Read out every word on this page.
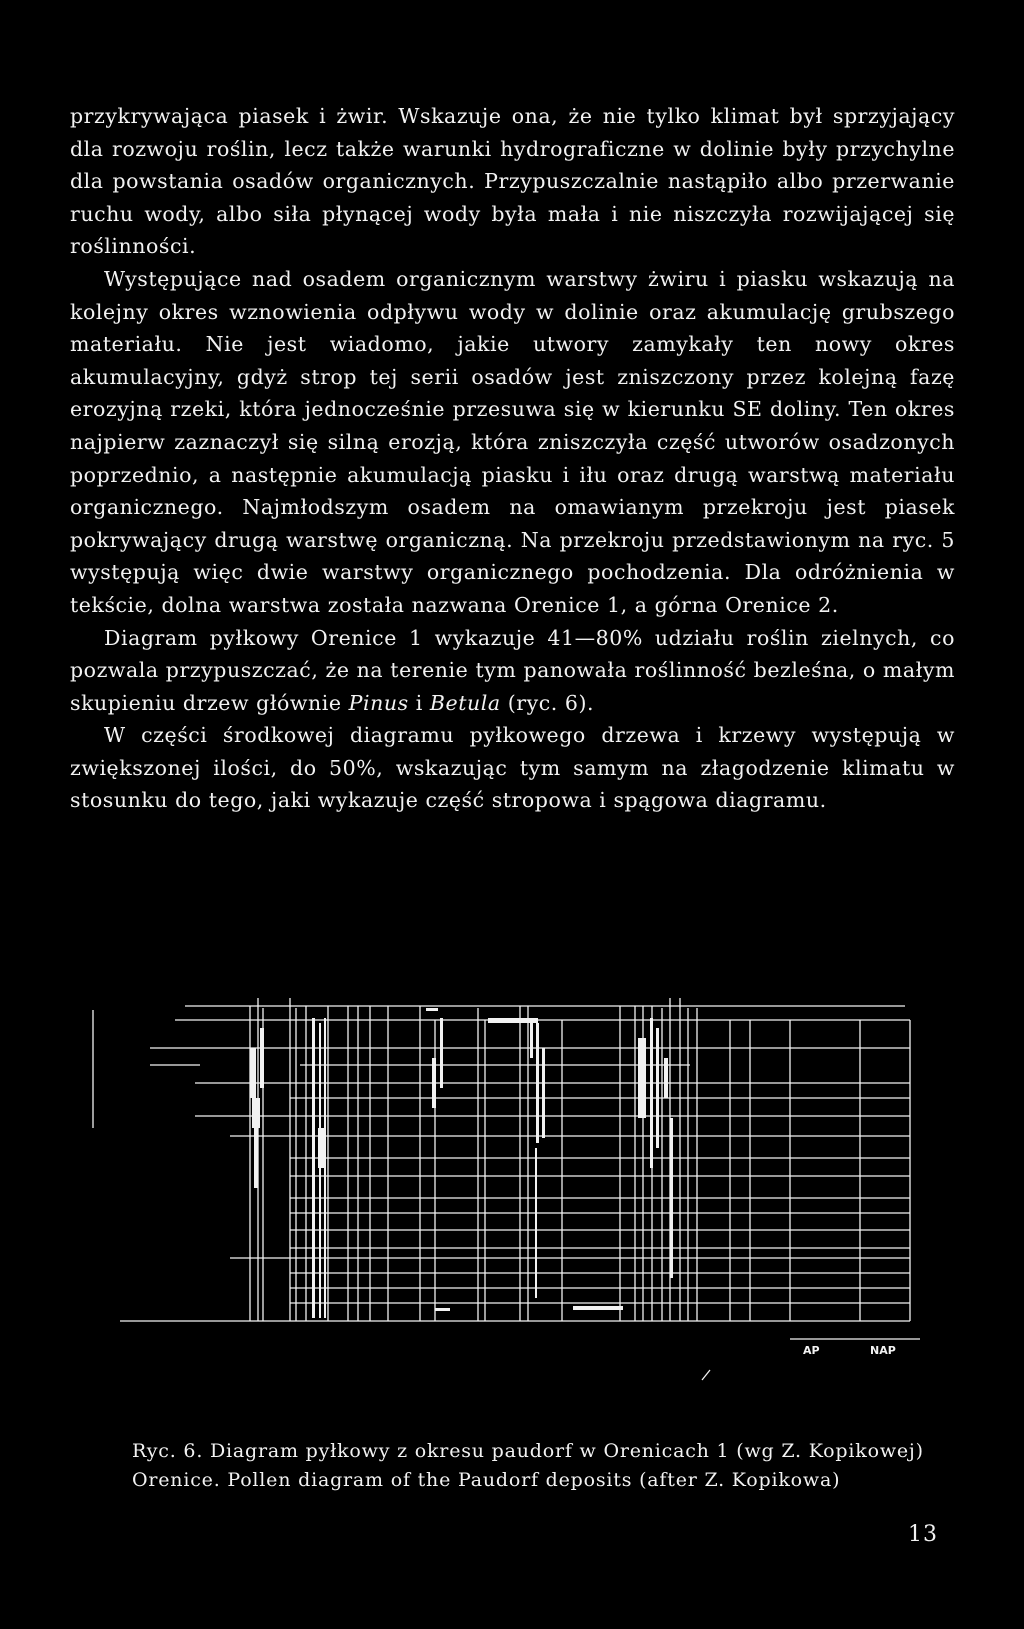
przykrywająca piasek i żwir. Wskazuje ona, że nie tylko klimat był sprzyjający dla rozwoju roślin, lecz także warunki hydrograficzne w dolinie były przychylne dla powstania osadów organicznych. Przypuszczalnie nastąpiło albo przerwanie ruchu wody, albo siła płynącej wody była mała i nie niszczyła rozwijającej się roślinności.

Występujące nad osadem organicznym warstwy żwiru i piasku wskazują na kolejny okres wznowienia odpływu wody w dolinie oraz akumulację grubszego materiału. Nie jest wiadomo, jakie utwory zamykały ten nowy okres akumulacyjny, gdyż strop tej serii osadów jest zniszczony przez kolejną fazę erozyjną rzeki, która jednocześnie przesuwa się w kierunku SE doliny. Ten okres najpierw zaznaczył się silną erozją, która zniszczyła część utworów osadzonych poprzednio, a następnie akumulacją piasku i iłu oraz drugą warstwą materiału organicznego. Najmłodszym osadem na omawianym przekroju jest piasek pokrywający drugą warstwę organiczną. Na przekroju przedstawionym na ryc. 5 występują więc dwie warstwy organicznego pochodzenia. Dla odróżnienia w tekście, dolna warstwa została nazwana Orenice 1, a górna Orenice 2.

Diagram pyłkowy Orenice 1 wykazuje 41—80% udziału roślin zielnych, co pozwala przypuszczać, że na terenie tym panowała roślinność bezleśna, o małym skupieniu drzew głównie Pinus i Betula (ryc. 6).

W części środkowej diagramu pyłkowego drzewa i krzewy występują w zwiększonej ilości, do 50%, wskazując tym samym na złagodzenie klimatu w stosunku do tego, jaki wykazuje część stropowa i spągowa diagramu.

AP	NAP
Ryc. 6. Diagram pyłkowy z okresu paudorf w Orenicach 1 (wg Z. Kopikowej)
Orenice. Pollen diagram of the Paudorf deposits (after Z. Kopikowa)
13
